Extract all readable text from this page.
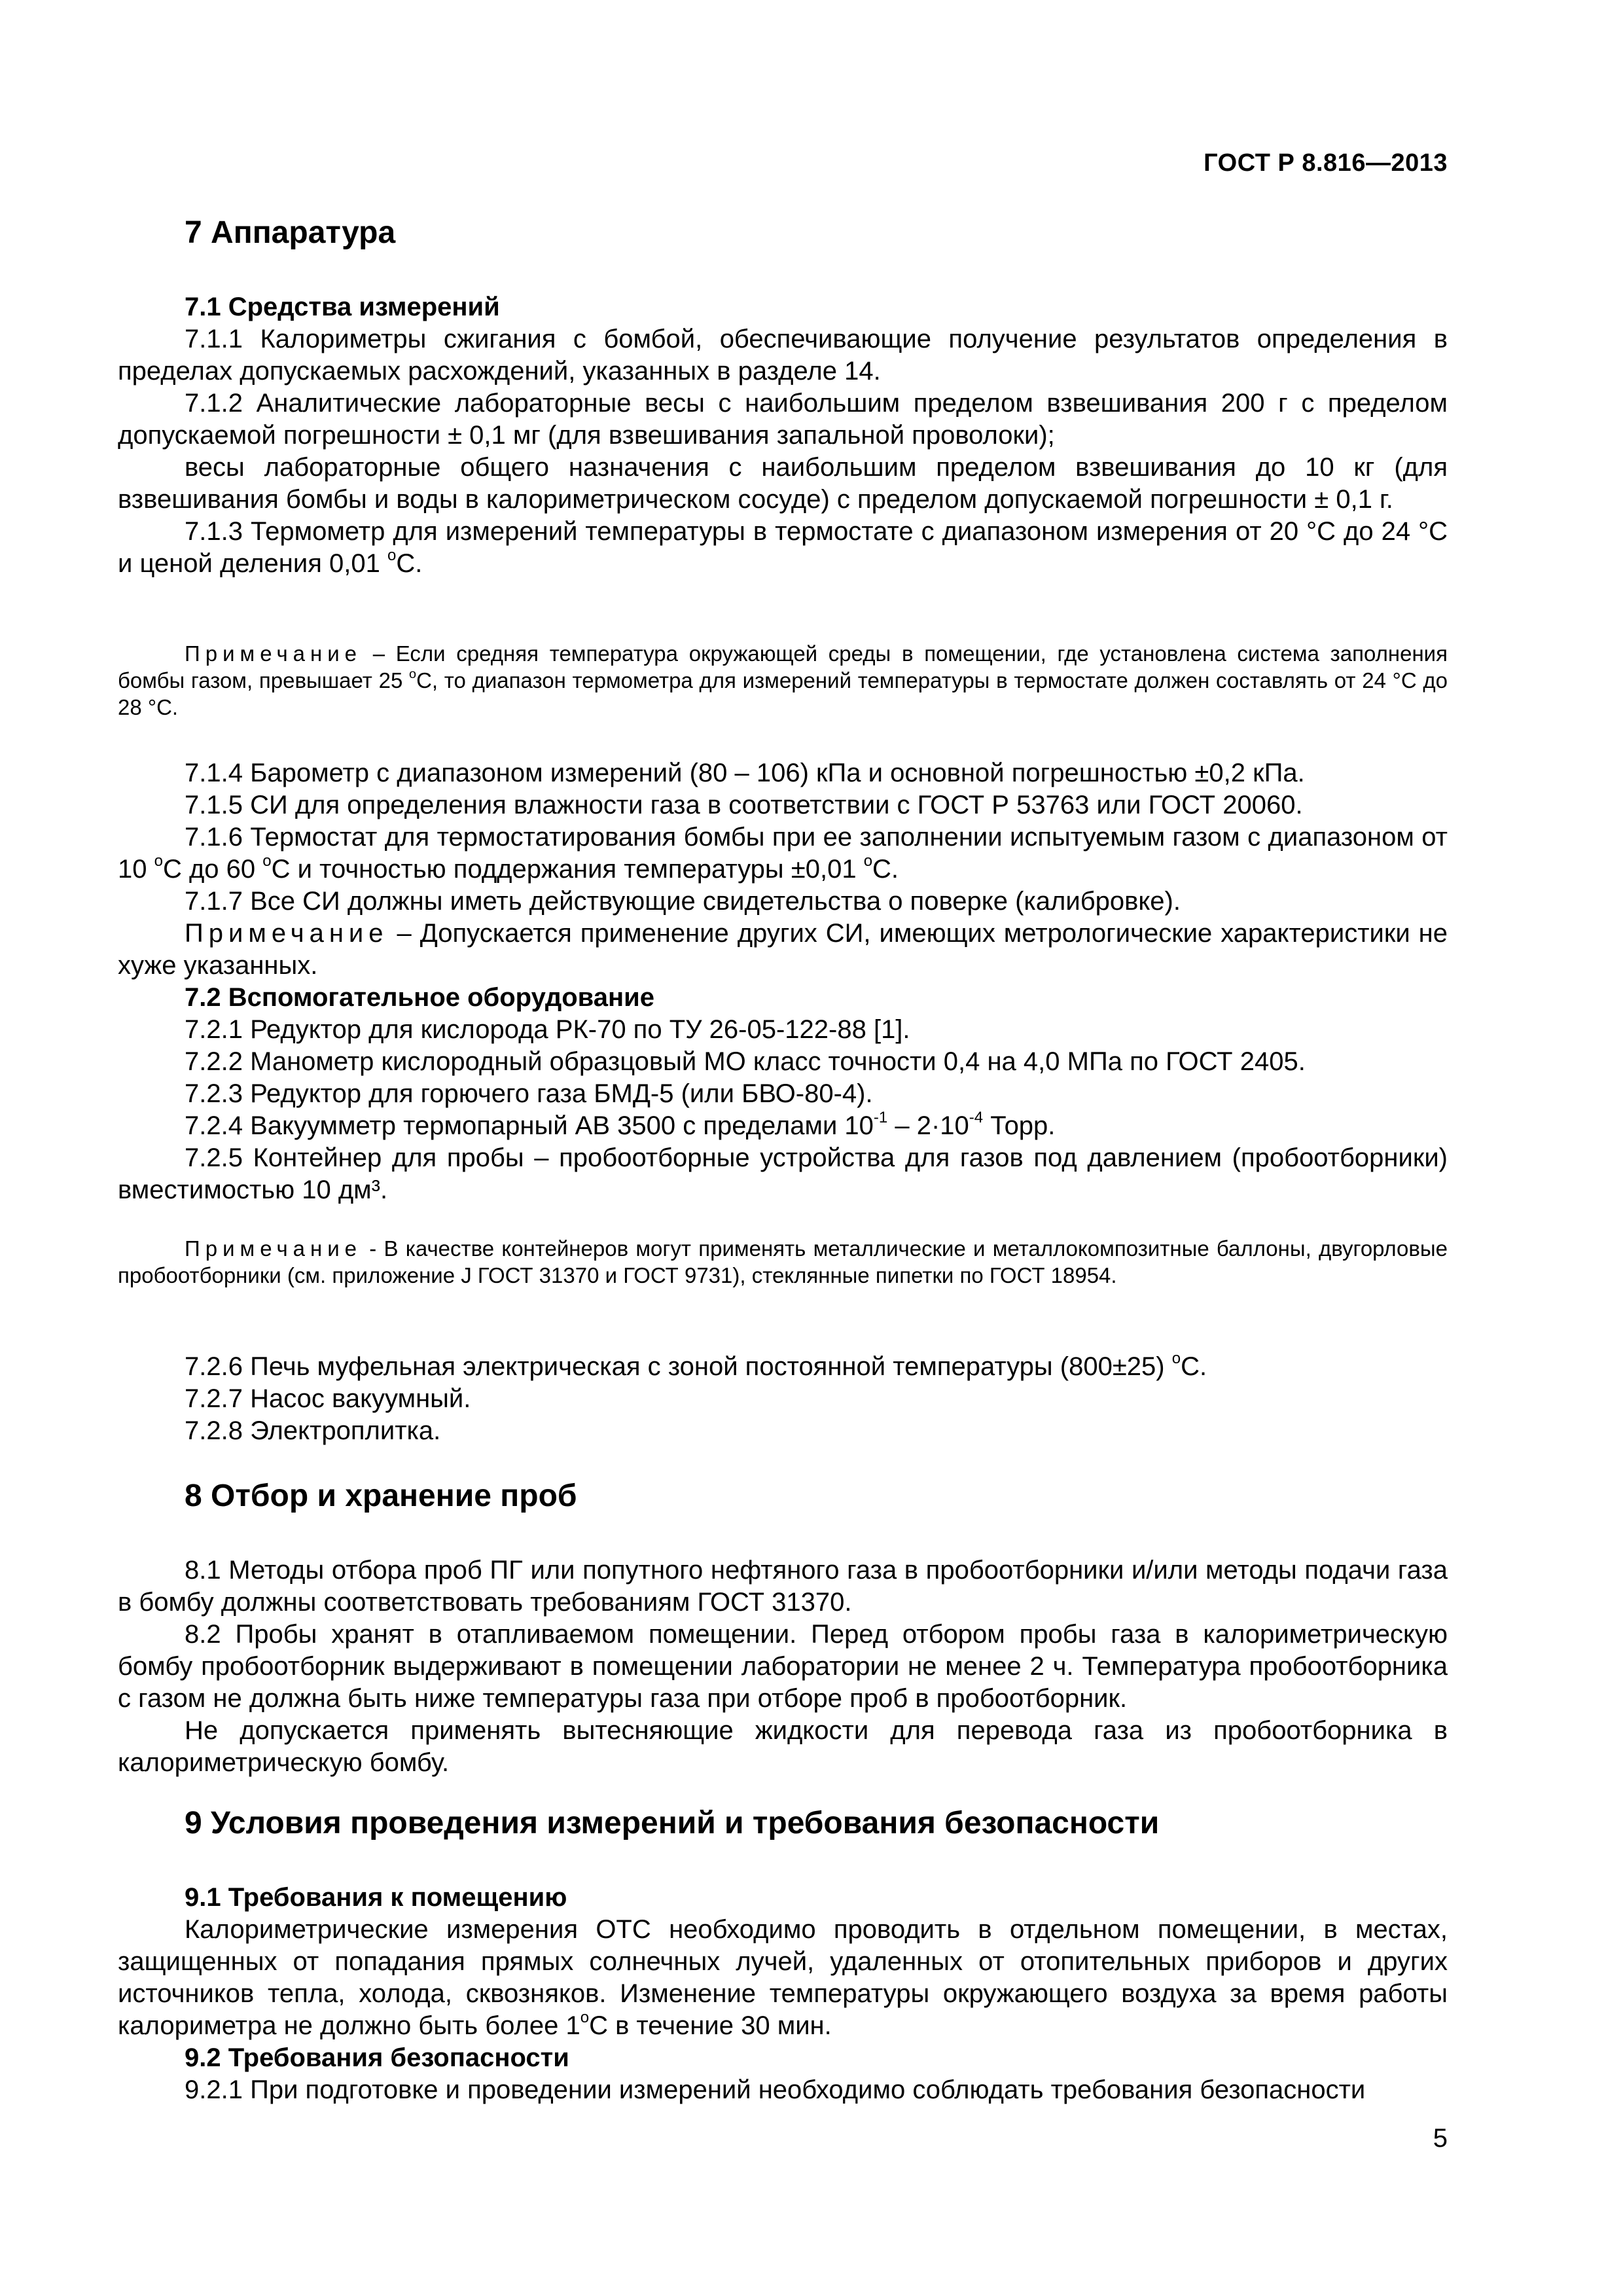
ГОСТ Р 8.816—2013
7 Аппаратура
7.1 Средства измерений

7.1.1 Калориметры сжигания с бомбой, обеспечивающие получение результатов определения в пределах допускаемых расхождений, указанных в разделе 14.

7.1.2 Аналитические лабораторные весы с наибольшим пределом взвешивания 200 г с пределом допускаемой погрешности ± 0,1 мг (для взвешивания запальной проволоки);

весы лабораторные общего назначения с наибольшим пределом взвешивания до 10 кг (для взвешивания бомбы и воды в калориметрическом сосуде) с пределом допускаемой погрешности ± 0,1 г.

7.1.3 Термометр для измерений температуры в термостате с диапазоном измерения от 20 °С до 24 °С и ценой деления 0,01 $^о$С.

Примечание – Если средняя температура окружающей среды в помещении, где установлена система заполнения бомбы газом, превышает 25 $^о$С, то диапазон термометра для измерений температуры в термостате должен составлять от 24 °С до 28 °С.

7.1.4 Барометр с диапазоном измерений (80 – 106) кПа и основной погрешностью ±0,2 кПа.

7.1.5 СИ для определения влажности газа в соответствии с ГОСТ Р 53763 или ГОСТ 20060.

7.1.6 Термостат для термостатирования бомбы при ее заполнении испытуемым газом с диапазоном от 10 $^о$С до 60 $^о$С и точностью поддержания температуры ±0,01 $^о$С.

7.1.7 Все СИ должны иметь действующие свидетельства о поверке (калибровке).

Примечание – Допускается применение других СИ, имеющих метрологические характеристики не хуже указанных.

7.2 Вспомогательное оборудование

7.2.1 Редуктор для кислорода РК-70 по ТУ 26-05-122-88 [1].

7.2.2 Манометр кислородный образцовый МО класс точности 0,4 на 4,0 МПа по ГОСТ 2405.

7.2.3 Редуктор для горючего газа БМД-5 (или БВО-80-4).

7.2.4 Вакуумметр термопарный АВ 3500 с пределами $10^{-1} - 2\cdot 10^{-4}$ Торр.

7.2.5 Контейнер для пробы – пробоотборные устройства для газов под давлением (пробоотборники) вместимостью 10 дм³.

Примечание - В качестве контейнеров могут применять металлические и металлокомпозитные баллоны, двугорловые пробоотборники (см. приложение J ГОСТ 31370 и ГОСТ 9731), стеклянные пипетки по ГОСТ 18954.

7.2.6 Печь муфельная электрическая с зоной постоянной температуры (800±25) $^о$С.

7.2.7 Насос вакуумный.

7.2.8 Электроплитка.

8 Отбор и хранение проб

8.1 Методы отбора проб ПГ или попутного нефтяного газа в пробоотборники и/или методы подачи газа в бомбу должны соответствовать требованиям ГОСТ 31370.

8.2 Пробы хранят в отапливаемом помещении. Перед отбором пробы газа в калориметрическую бомбу пробоотборник выдерживают в помещении лаборатории не менее 2 ч. Температура пробоотборника с газом не должна быть ниже температуры газа при отборе проб в пробоотборник.

Не допускается применять вытесняющие жидкости для перевода газа из пробоотборника в калориметрическую бомбу.

9 Условия проведения измерений и требования безопасности
9.1 Требования к помещению

Калориметрические измерения ОТС необходимо проводить в отдельном помещении, в местах, защищенных от попадания прямых солнечных лучей, удаленных от отопительных приборов и других источников тепла, холода, сквозняков. Изменение температуры окружающего воздуха за время работы калориметра не должно быть более $1^оС$ в течение 30 мин.

9.2 Требования безопасности

9.2.1 При подготовке и проведении измерений необходимо соблюдать требования безопасности

5
